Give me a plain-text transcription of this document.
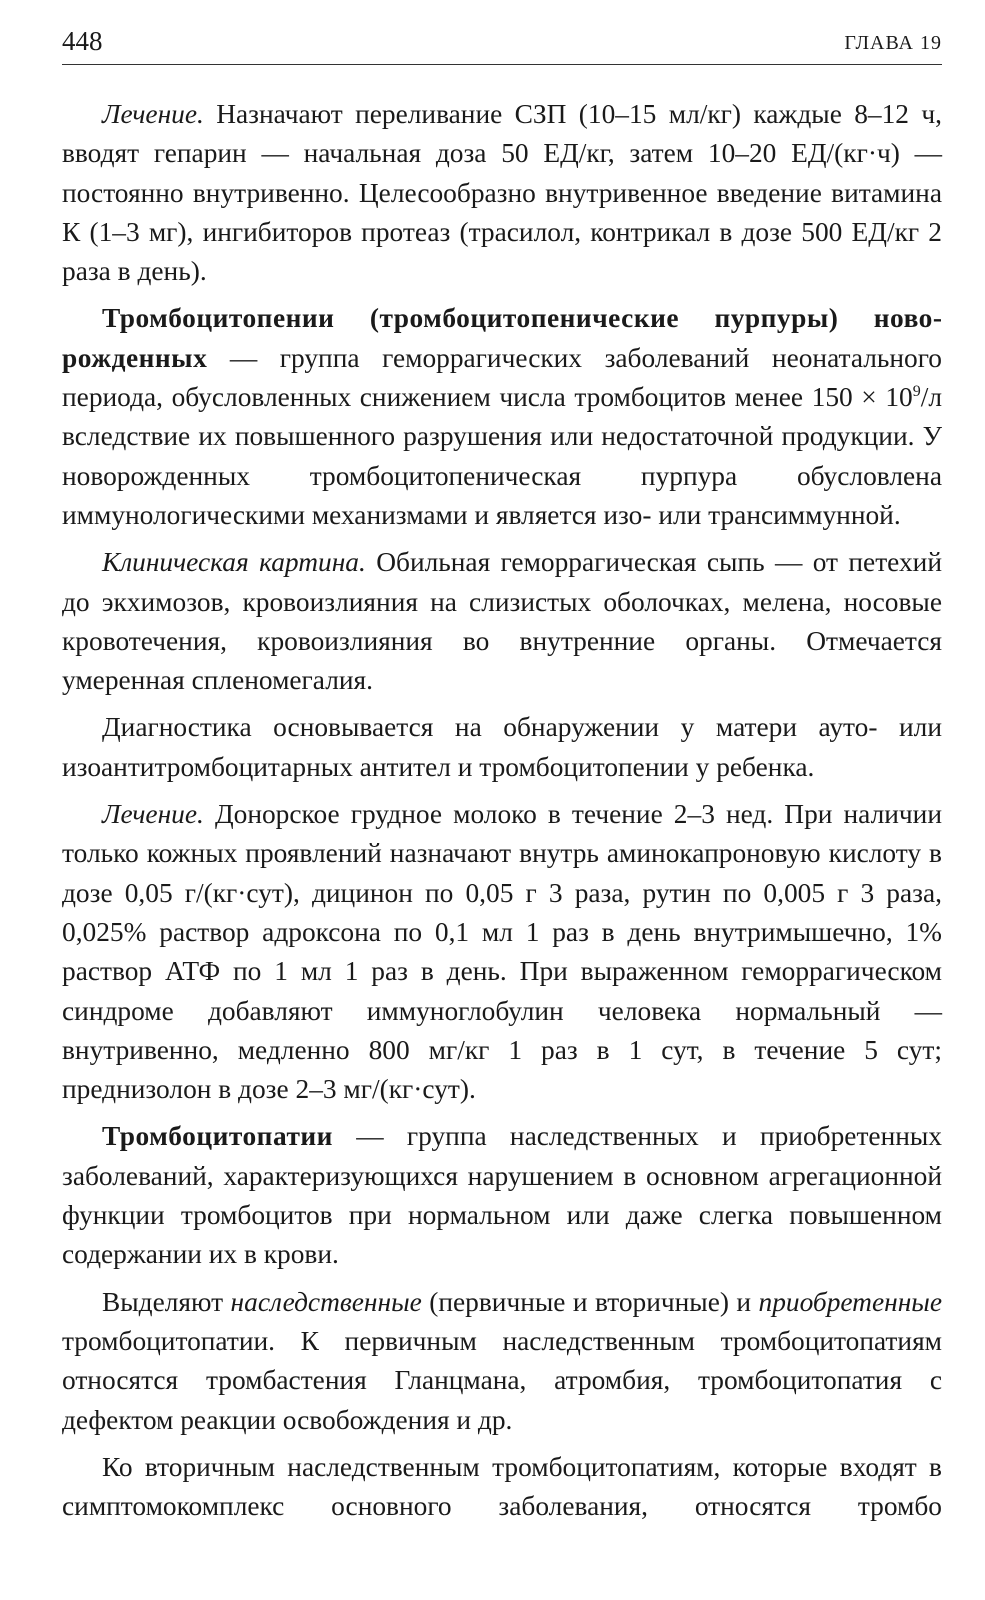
448	ГЛАВА 19

Лечение. Назначают переливание СЗП (10–15 мл/кг) каждые 8–12 ч, вводят гепарин — начальная доза 50 ЕД/кг, затем 10–20 ЕД/(кг·ч) — постоянно внутривенно. Целесообразно внутривенное введение витамина К (1–3 мг), ингибиторов протеаз (трасилол, контрикал в дозе 500 ЕД/кг 2 раза в день).

Тромбоцитопении (тромбоцитопенические пурпуры) новорожденных — группа геморрагических заболеваний неонатального периода, обусловленных снижением числа тромбоцитов менее $150 \times 10^9/л$ вследствие их повышенного разрушения или недостаточной продукции. У новорожденных тромбоцитопеническая пурпура обусловлена иммунологическими механизмами и является изо- или трансиммунной.

Клиническая картина. Обильная геморрагическая сыпь — от петехий до экхимозов, кровоизлияния на слизистых оболочках, мелена, носовые кровотечения, кровоизлияния во внутренние органы. Отмечается умеренная спленомегалия.

Диагностика основывается на обнаружении у матери ауто- или изоантитромбоцитарных антител и тромбоцитопении у ребенка.

Лечение. Донорское грудное молоко в течение 2–3 нед. При наличии только кожных проявлений назначают внутрь аминокапроновую кислоту в дозе 0,05 г/(кг·сут), дицинон по 0,05 г 3 раза, рутин по 0,005 г 3 раза, 0,025% раствор адроксона по 0,1 мл 1 раз в день внутримышечно, 1% раствор АТФ по 1 мл 1 раз в день. При выраженном геморрагическом синдроме добавляют иммуноглобулин человека нормальный — внутривенно, медленно 800 мг/кг 1 раз в 1 сут, в течение 5 сут; преднизолон в дозе 2–3 мг/(кг·сут).

Тромбоцитопатии — группа наследственных и приобретенных заболеваний, характеризующихся нарушением в основном агрегационной функции тромбоцитов при нормальном или даже слегка повышенном содержании их в крови.

Выделяют наследственные (первичные и вторичные) и приобретенные тромбоцитопатии. К первичным наследственным тромбоцитопатиям относятся тромбастения Гланцмана, атромбия, тромбоцитопатия с дефектом реакции освобождения и др.

Ко вторичным наследственным тромбоцитопатиям, которые входят в симптомокомплекс основного заболевания, относятся тромбо
